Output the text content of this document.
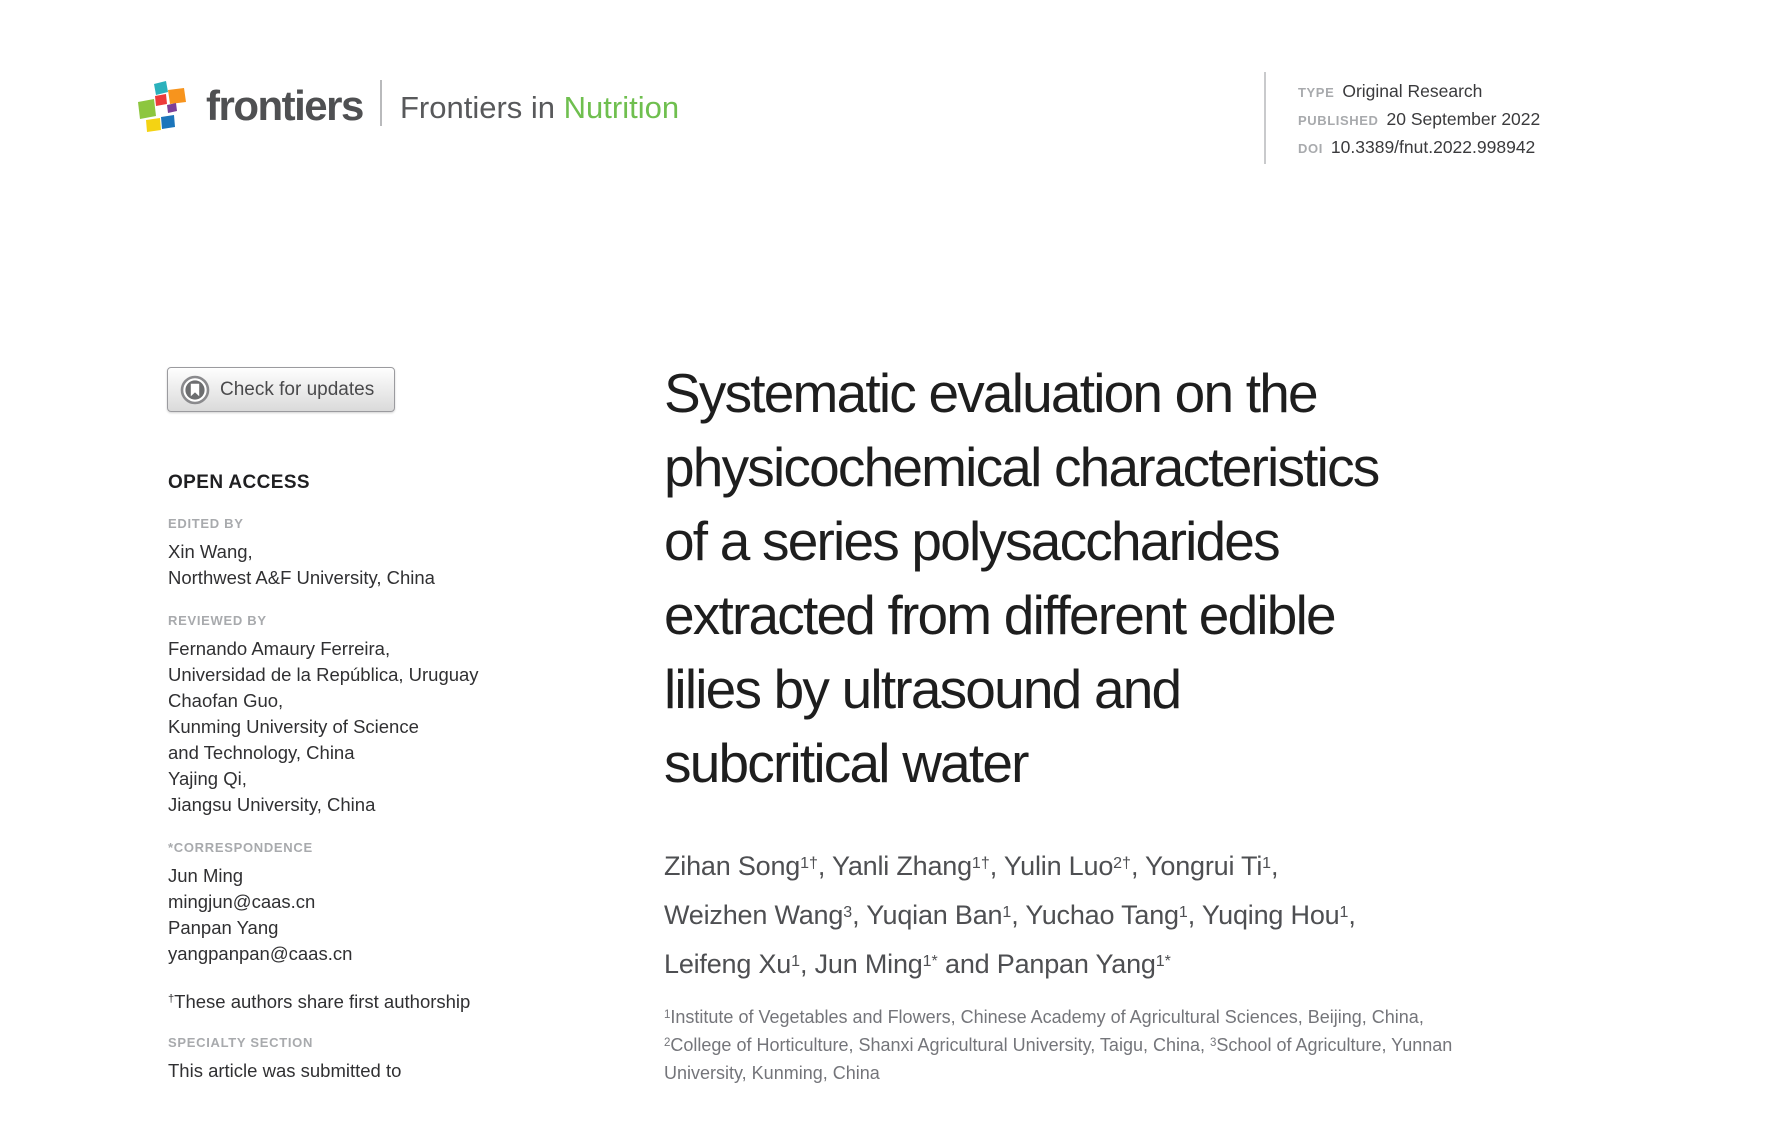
frontiers Frontiers in Nutrition	TYPE Original Research
PUBLISHED 20 September 2022
DOI 10.3389/fnut.2022.998942
Check for updates
OPEN ACCESS
EDITED BY
Xin Wang,
Northwest A&F University, China
REVIEWED BY
Fernando Amaury Ferreira,
Universidad de la República, Uruguay
Chaofan Guo,
Kunming University of Science
and Technology, China
Yajing Qi,
Jiangsu University, China
*CORRESPONDENCE
Jun Ming
mingjun@caas.cn
Panpan Yang
yangpanpan@caas.cn
†These authors share first authorship
SPECIALTY SECTION
This article was submitted to
Systematic evaluation on the
physicochemical characteristics
of a series polysaccharides
extracted from different edible
lilies by ultrasound and
subcritical water
Zihan Song$^{1\dagger}$, Yanli Zhang$^{1\dagger}$, Yulin Luo$^{2\dagger}$, Yongrui Ti$^1$,
Weizhen Wang$^3$, Yuqian Ban$^1$, Yuchao Tang$^1$, Yuqing Hou$^1$,
Leifeng Xu$^1$, Jun Ming$^{1*}$ and Panpan Yang$^{1*}$
$^1$Institute of Vegetables and Flowers, Chinese Academy of Agricultural Sciences, Beijing, China,
$^2$College of Horticulture, Shanxi Agricultural University, Taigu, China, $^3$School of Agriculture, Yunnan
University, Kunming, China
